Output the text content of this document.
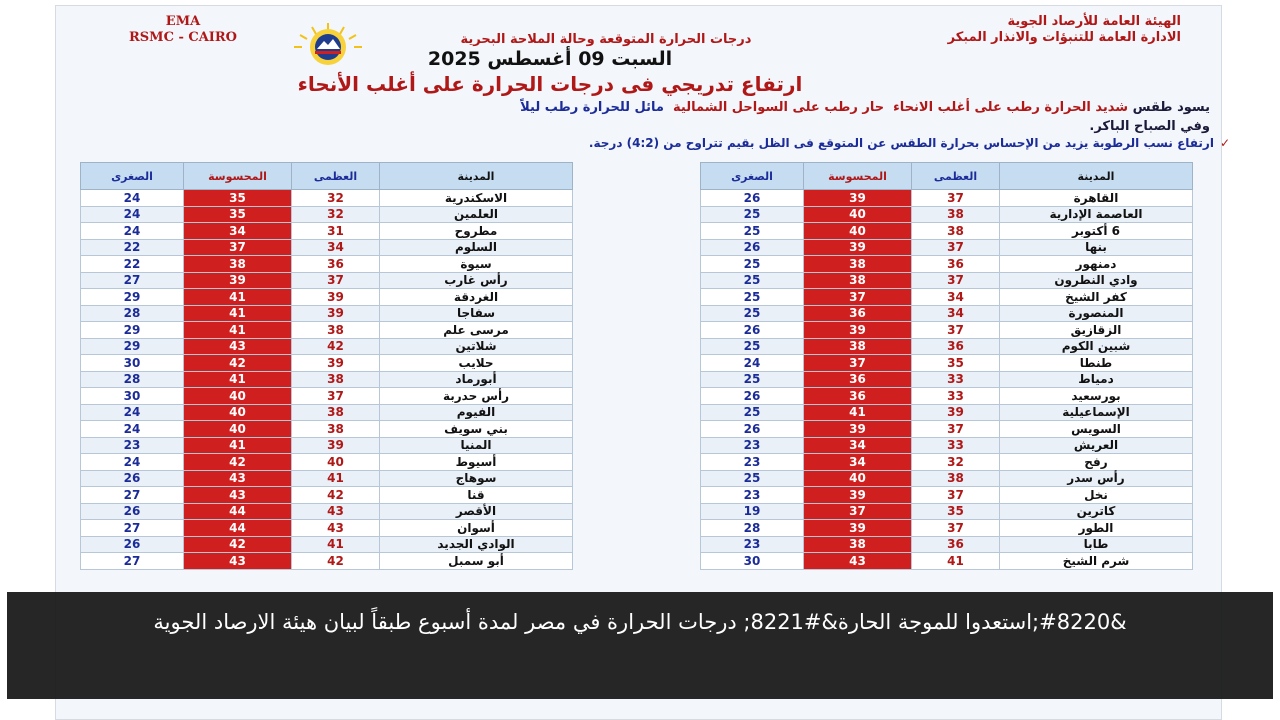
EMA
RSMC - CAIRO	درجات الحرارة المتوقعة وحالة الملاحة البحرية
الهيئة العامة للأرصاد الجوية
الادارة العامة للتنبؤات والانذار المبكر
السبت 09 أغسطس 2025
ارتفاع تدريجي فى درجات الحرارة على أغلب الأنحاء
يسود طقس شديد الحرارة رطب على أغلب الانحاء  حار رطب على السواحل الشمالية  مائل للحرارة رطب ليلاً
وفي الصباح الباكر.
✓ارتفاع نسب الرطوبة يزيد من الإحساس بحرارة الطقس عن المتوقع فى الظل بقيم تتراوح من (4:2) درجة.
الصغرى	المحسوسة	العظمى	المدينة
26	39	37	القاهرة
25	40	38	العاصمة الإدارية
25	40	38	6 أكتوبر
26	39	37	بنها
25	38	36	دمنهور
25	38	37	وادي النطرون
25	37	34	كفر الشيخ
25	36	34	المنصورة
26	39	37	الزقازيق
25	38	36	شبين الكوم
24	37	35	طنطا
25	36	33	دمياط
26	36	33	بورسعيد
25	41	39	الإسماعيلية
26	39	37	السويس
23	34	33	العريش
23	34	32	رفح
25	40	38	رأس سدر
23	39	37	نخل
19	37	35	كاترين
28	39	37	الطور
23	38	36	طابا
30	43	41	شرم الشيخ
الصغرى	المحسوسة	العظمى	المدينة
24	35	32	الاسكندرية
24	35	32	العلمين
24	34	31	مطروح
22	37	34	السلوم
22	38	36	سيوة
27	39	37	رأس غارب
29	41	39	الغردقة
28	41	39	سفاجا
29	41	38	مرسى علم
29	43	42	شلاتين
30	42	39	حلايب
28	41	38	أبورماد
30	40	37	رأس حدربة
24	40	38	الفيوم
24	40	38	بني سويف
23	41	39	المنيا
24	42	40	أسيوط
26	43	41	سوهاج
27	43	42	قنا
26	44	43	الأقصر
27	44	43	أسوان
26	42	41	الوادي الجديد
27	43	42	أبو سمبل
&#8220;استعدوا للموجة الحارة&#8221; درجات الحرارة في مصر لمدة أسبوع طبقاً لبيان هيئة الارصاد الجوية
